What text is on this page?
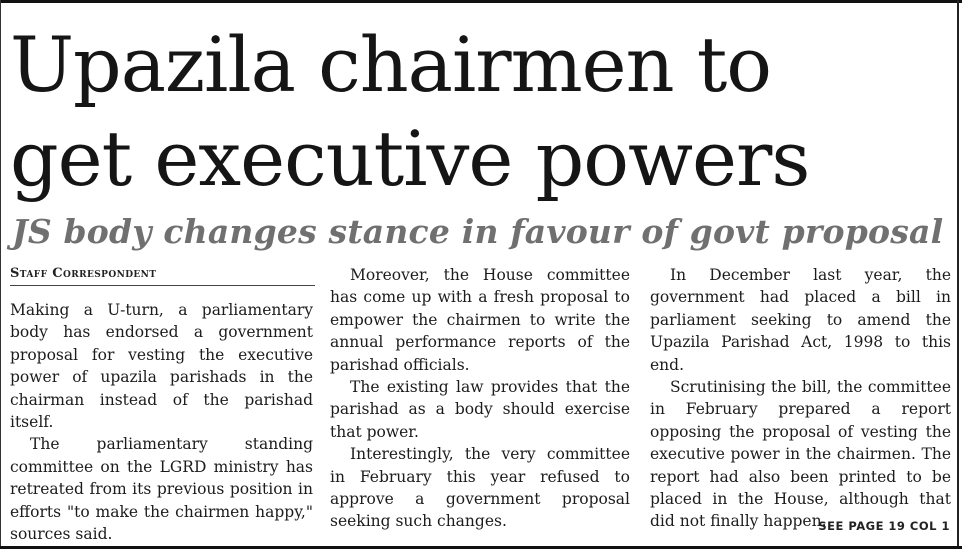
Upazila chairmen to
get executive powers
JS body changes stance in favour of govt proposal
Staff Correspondent

Making a U-turn, a parliamentary body has endorsed a government proposal for vesting the executive power of upazila parishads in the chairman instead of the parishad itself.

The parliamentary standing committee on the LGRD ministry has retreated from its previous position in efforts "to make the chairmen happy," sources said.

Moreover, the House committee has come up with a fresh proposal to empower the chairmen to write the annual performance reports of the parishad officials.

The existing law provides that the parishad as a body should exercise that power.

Interestingly, the very committee in February this year refused to approve a government proposal seeking such changes.

In December last year, the government had placed a bill in parliament seeking to amend the Upazila Parishad Act, 1998 to this end.

Scrutinising the bill, the committee in February prepared a report opposing the proposal of vesting the executive power in the chairmen. The report had also been printed to be placed in the House, although that did not finally happen.

SEE PAGE 19 COL 1
